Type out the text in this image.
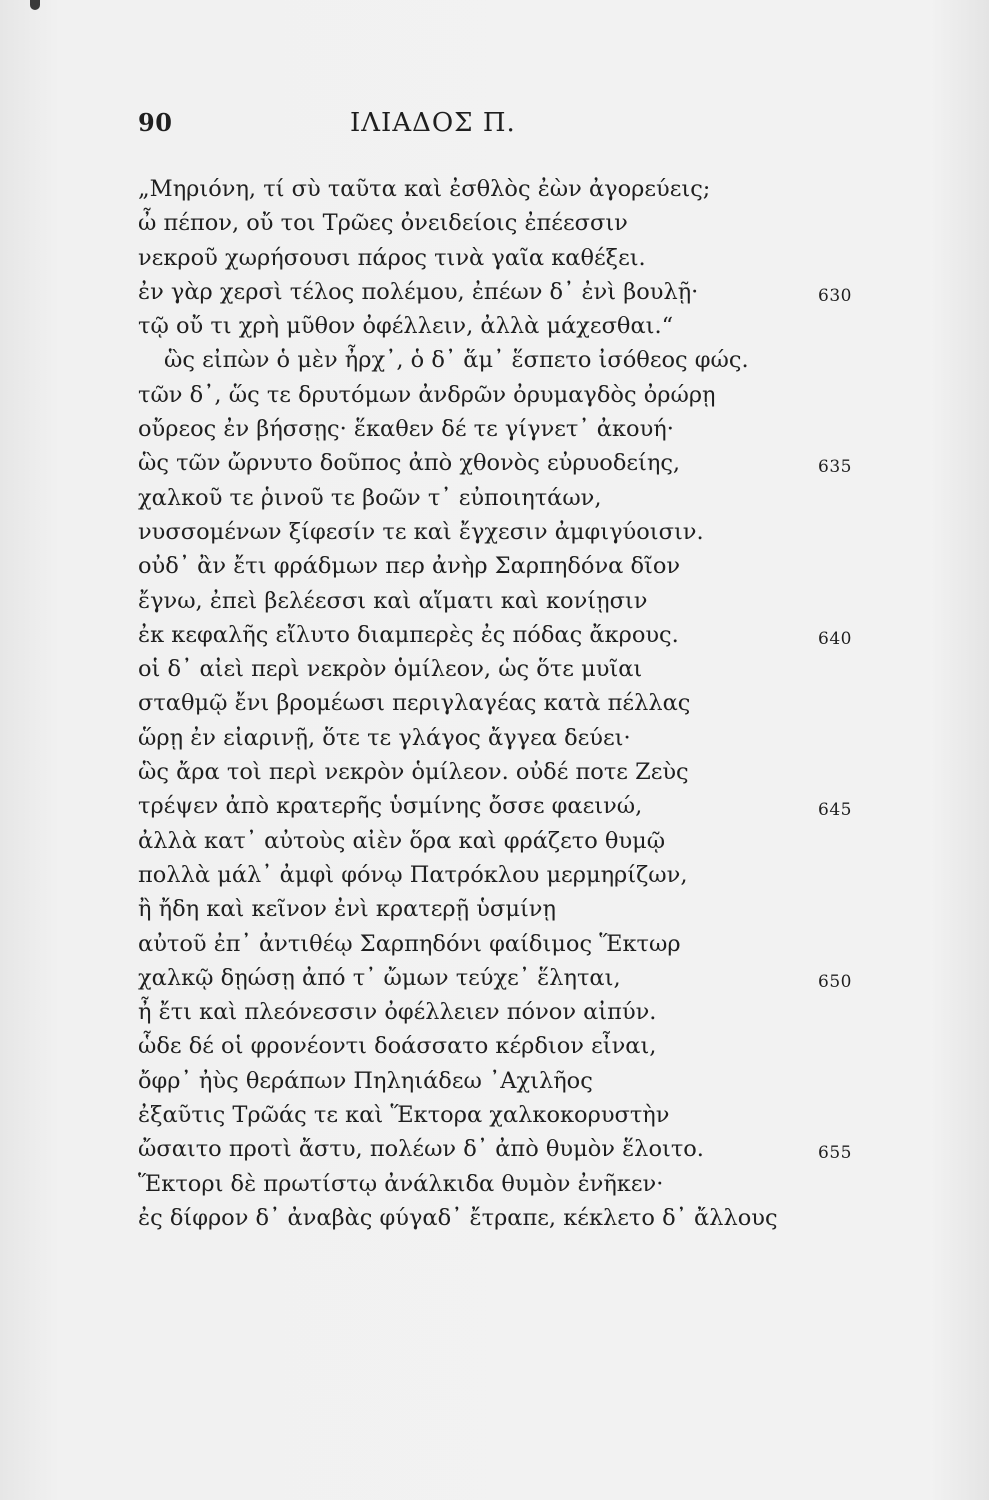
90	ΙΛΙΑΔΟΣ Π.
„Μηριόνη, τί σὺ ταῦτα καὶ ἐσθλὸς ἐὼν ἀγορεύεις;
ὦ πέπον, οὔ τοι Τρῶες ὀνειδείοις ἐπέεσσιν
νεκροῦ χωρήσουσι πάρος τινὰ γαῖα καθέξει.
ἐν γὰρ χερσὶ τέλος πολέμου, ἐπέων δ᾽ ἐνὶ βουλῇ·	630
τῷ οὔ τι χρὴ μῦθον ὀφέλλειν, ἀλλὰ μάχεσθαι.“
ὣς εἰπὼν ὁ μὲν ἦρχ᾽, ὁ δ᾽ ἅμ᾽ ἕσπετο ἰσόθεος φώς.
τῶν δ᾽, ὥς τε δρυτόμων ἀνδρῶν ὀρυμαγδὸς ὀρώρῃ
οὔρεος ἐν βήσσῃς· ἕκαθεν δέ τε γίγνετ᾽ ἀκουή·
ὣς τῶν ὤρνυτο δοῦπος ἀπὸ χθονὸς εὐρυοδείης,	635
χαλκοῦ τε ῥινοῦ τε βοῶν τ᾽ εὐποιητάων,
νυσσομένων ξίφεσίν τε καὶ ἔγχεσιν ἀμφιγύοισιν.
οὐδ᾽ ἂν ἔτι φράδμων περ ἀνὴρ Σαρπηδόνα δῖον
ἔγνω, ἐπεὶ βελέεσσι καὶ αἵματι καὶ κονίῃσιν
ἐκ κεφαλῆς εἴλυτο διαμπερὲς ἐς πόδας ἄκρους.	640
οἱ δ᾽ αἰεὶ περὶ νεκρὸν ὁμίλεον, ὡς ὅτε μυῖαι
σταθμῷ ἔνι βρομέωσι περιγλαγέας κατὰ πέλλας
ὥρῃ ἐν εἰαρινῇ, ὅτε τε γλάγος ἄγγεα δεύει·
ὣς ἄρα τοὶ περὶ νεκρὸν ὁμίλεον. οὐδέ ποτε Ζεὺς
τρέψεν ἀπὸ κρατερῆς ὑσμίνης ὄσσε φαεινώ,	645
ἀλλὰ κατ᾽ αὐτοὺς αἰὲν ὅρα καὶ φράζετο θυμῷ
πολλὰ μάλ᾽ ἀμφὶ φόνῳ Πατρόκλου μερμηρίζων,
ἢ ἤδη καὶ κεῖνον ἐνὶ κρατερῇ ὑσμίνῃ
αὐτοῦ ἐπ᾽ ἀντιθέῳ Σαρπηδόνι φαίδιμος Ἕκτωρ
χαλκῷ δῃώσῃ ἀπό τ᾽ ὤμων τεύχε᾽ ἕληται,	650
ἦ ἔτι καὶ πλεόνεσσιν ὀφέλλειεν πόνον αἰπύν.
ὧδε δέ οἱ φρονέοντι δοάσσατο κέρδιον εἶναι,
ὄφρ᾽ ἠὺς θεράπων Πηληιάδεω ᾿Αχιλῆος
ἐξαῦτις Τρῶάς τε καὶ Ἕκτορα χαλκοκορυστὴν
ὤσαιτο προτὶ ἄστυ, πολέων δ᾽ ἀπὸ θυμὸν ἕλοιτο.	655
Ἕκτορι δὲ πρωτίστῳ ἀνάλκιδα θυμὸν ἐνῆκεν·
ἐς δίφρον δ᾽ ἀναβὰς φύγαδ᾽ ἔτραπε, κέκλετο δ᾽ ἄλλους
